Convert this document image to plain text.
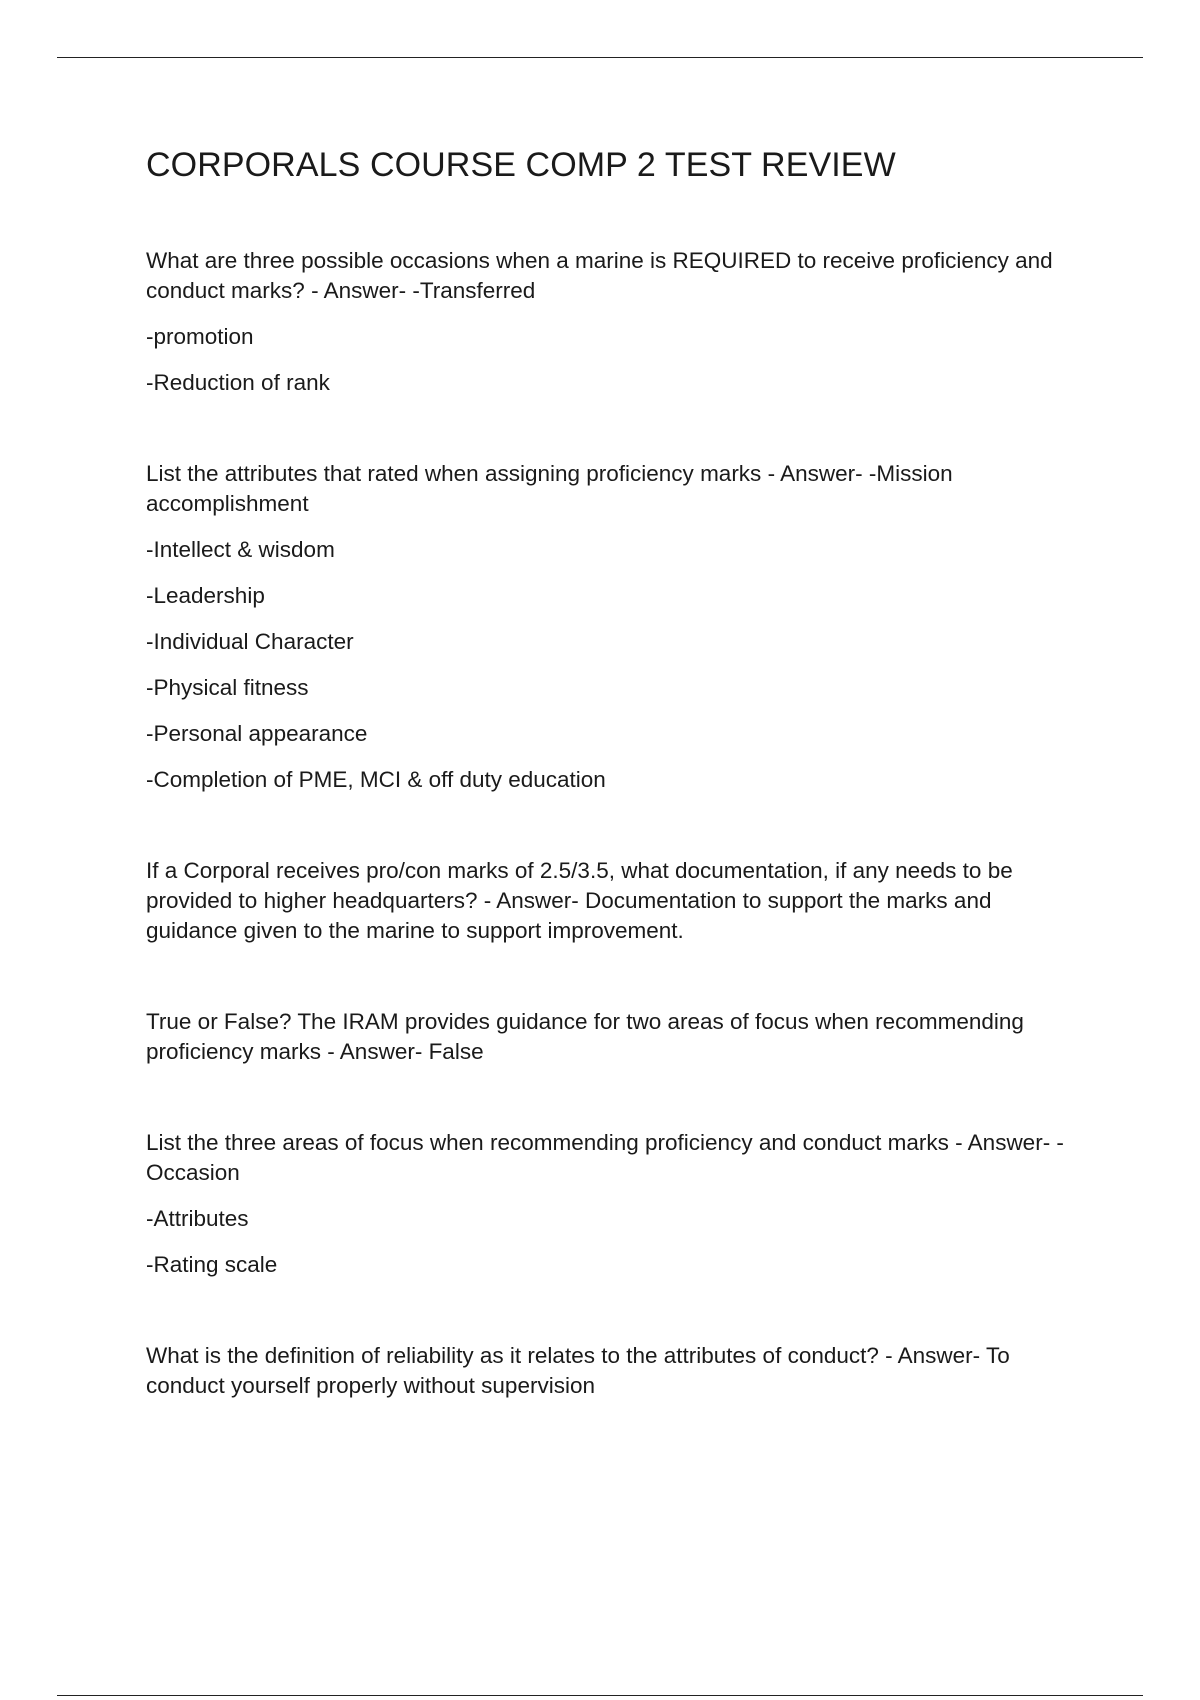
CORPORALS COURSE COMP 2 TEST REVIEW

What are three possible occasions when a marine is REQUIRED to receive proficiency and conduct marks? - Answer- -Transferred

-promotion

-Reduction of rank

List the attributes that rated when assigning proficiency marks - Answer- -Mission accomplishment

-Intellect & wisdom

-Leadership

-Individual Character

-Physical fitness

-Personal appearance

-Completion of PME, MCI & off duty education

If a Corporal receives pro/con marks of 2.5/3.5, what documentation, if any needs to be provided to higher headquarters? - Answer- Documentation to support the marks and guidance given to the marine to support improvement.

True or False? The IRAM provides guidance for two areas of focus when recommending proficiency marks - Answer- False

List the three areas of focus when recommending proficiency and conduct marks - Answer- -Occasion

-Attributes

-Rating scale

What is the definition of reliability as it relates to the attributes of conduct? - Answer- To conduct yourself properly without supervision
